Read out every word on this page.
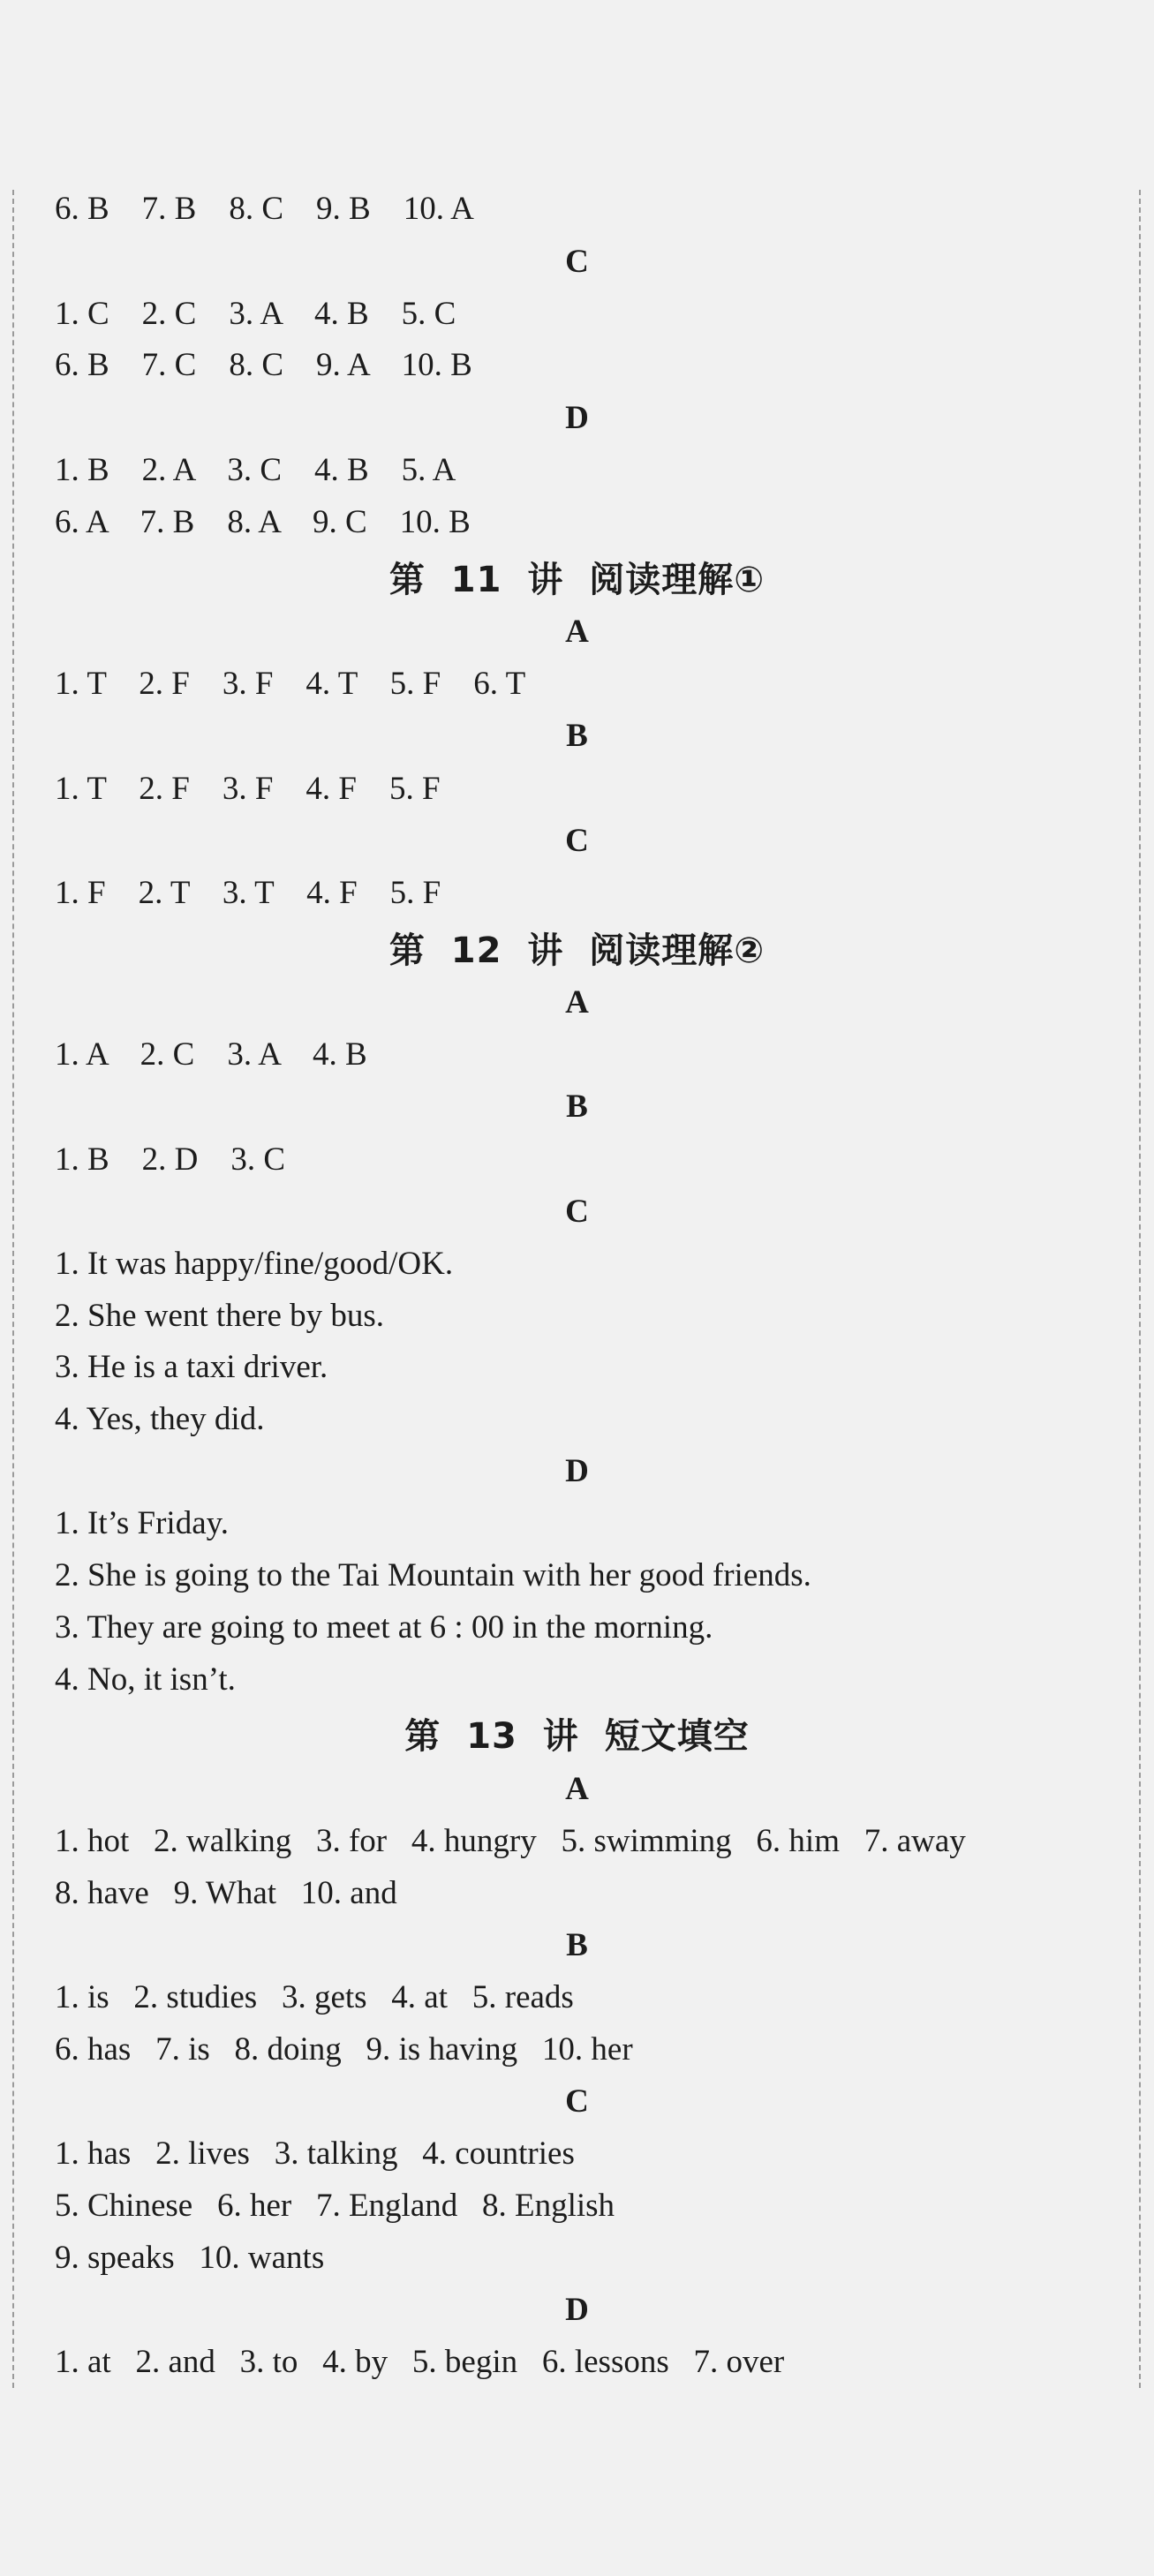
6. B    7. B    8. C    9. B    10. A
1. C    2. C    3. A    4. B    5. C
6. B    7. C    8. C    9. A    10. B
1. B    2. A    3. C    4. B    5. A
6. A    7. B    8. A    9. C    10. B
1. T    2. F    3. F    4. T    5. F    6. T
1. T    2. F    3. F    4. F    5. F
1. F    2. T    3. T    4. F    5. F
1. A    2. C    3. A    4. B
1. B    2. D    3. C
1. It was happy/fine/good/OK.
2. She went there by bus.
3. He is a taxi driver.
4. Yes, they did.
1. It’s Friday.
2. She is going to the Tai Mountain with her good friends.
3. They are going to meet at 6 : 00 in the morning.
4. No, it isn’t.
1. hot   2. walking   3. for   4. hungry   5. swimming   6. him   7. away
8. have   9. What   10. and
1. is   2. studies   3. gets   4. at   5. reads
6. has   7. is   8. doing   9. is having   10. her
1. has   2. lives   3. talking   4. countries
5. Chinese   6. her   7. England   8. English
9. speaks   10. wants
1. at   2. and   3. to   4. by   5. begin   6. lessons   7. over
C
D
A
B
C
A
B
C
D
A
B
C
D
第 11 讲 阅读理解①
第 12 讲 阅读理解②
第 13 讲 短文填空
